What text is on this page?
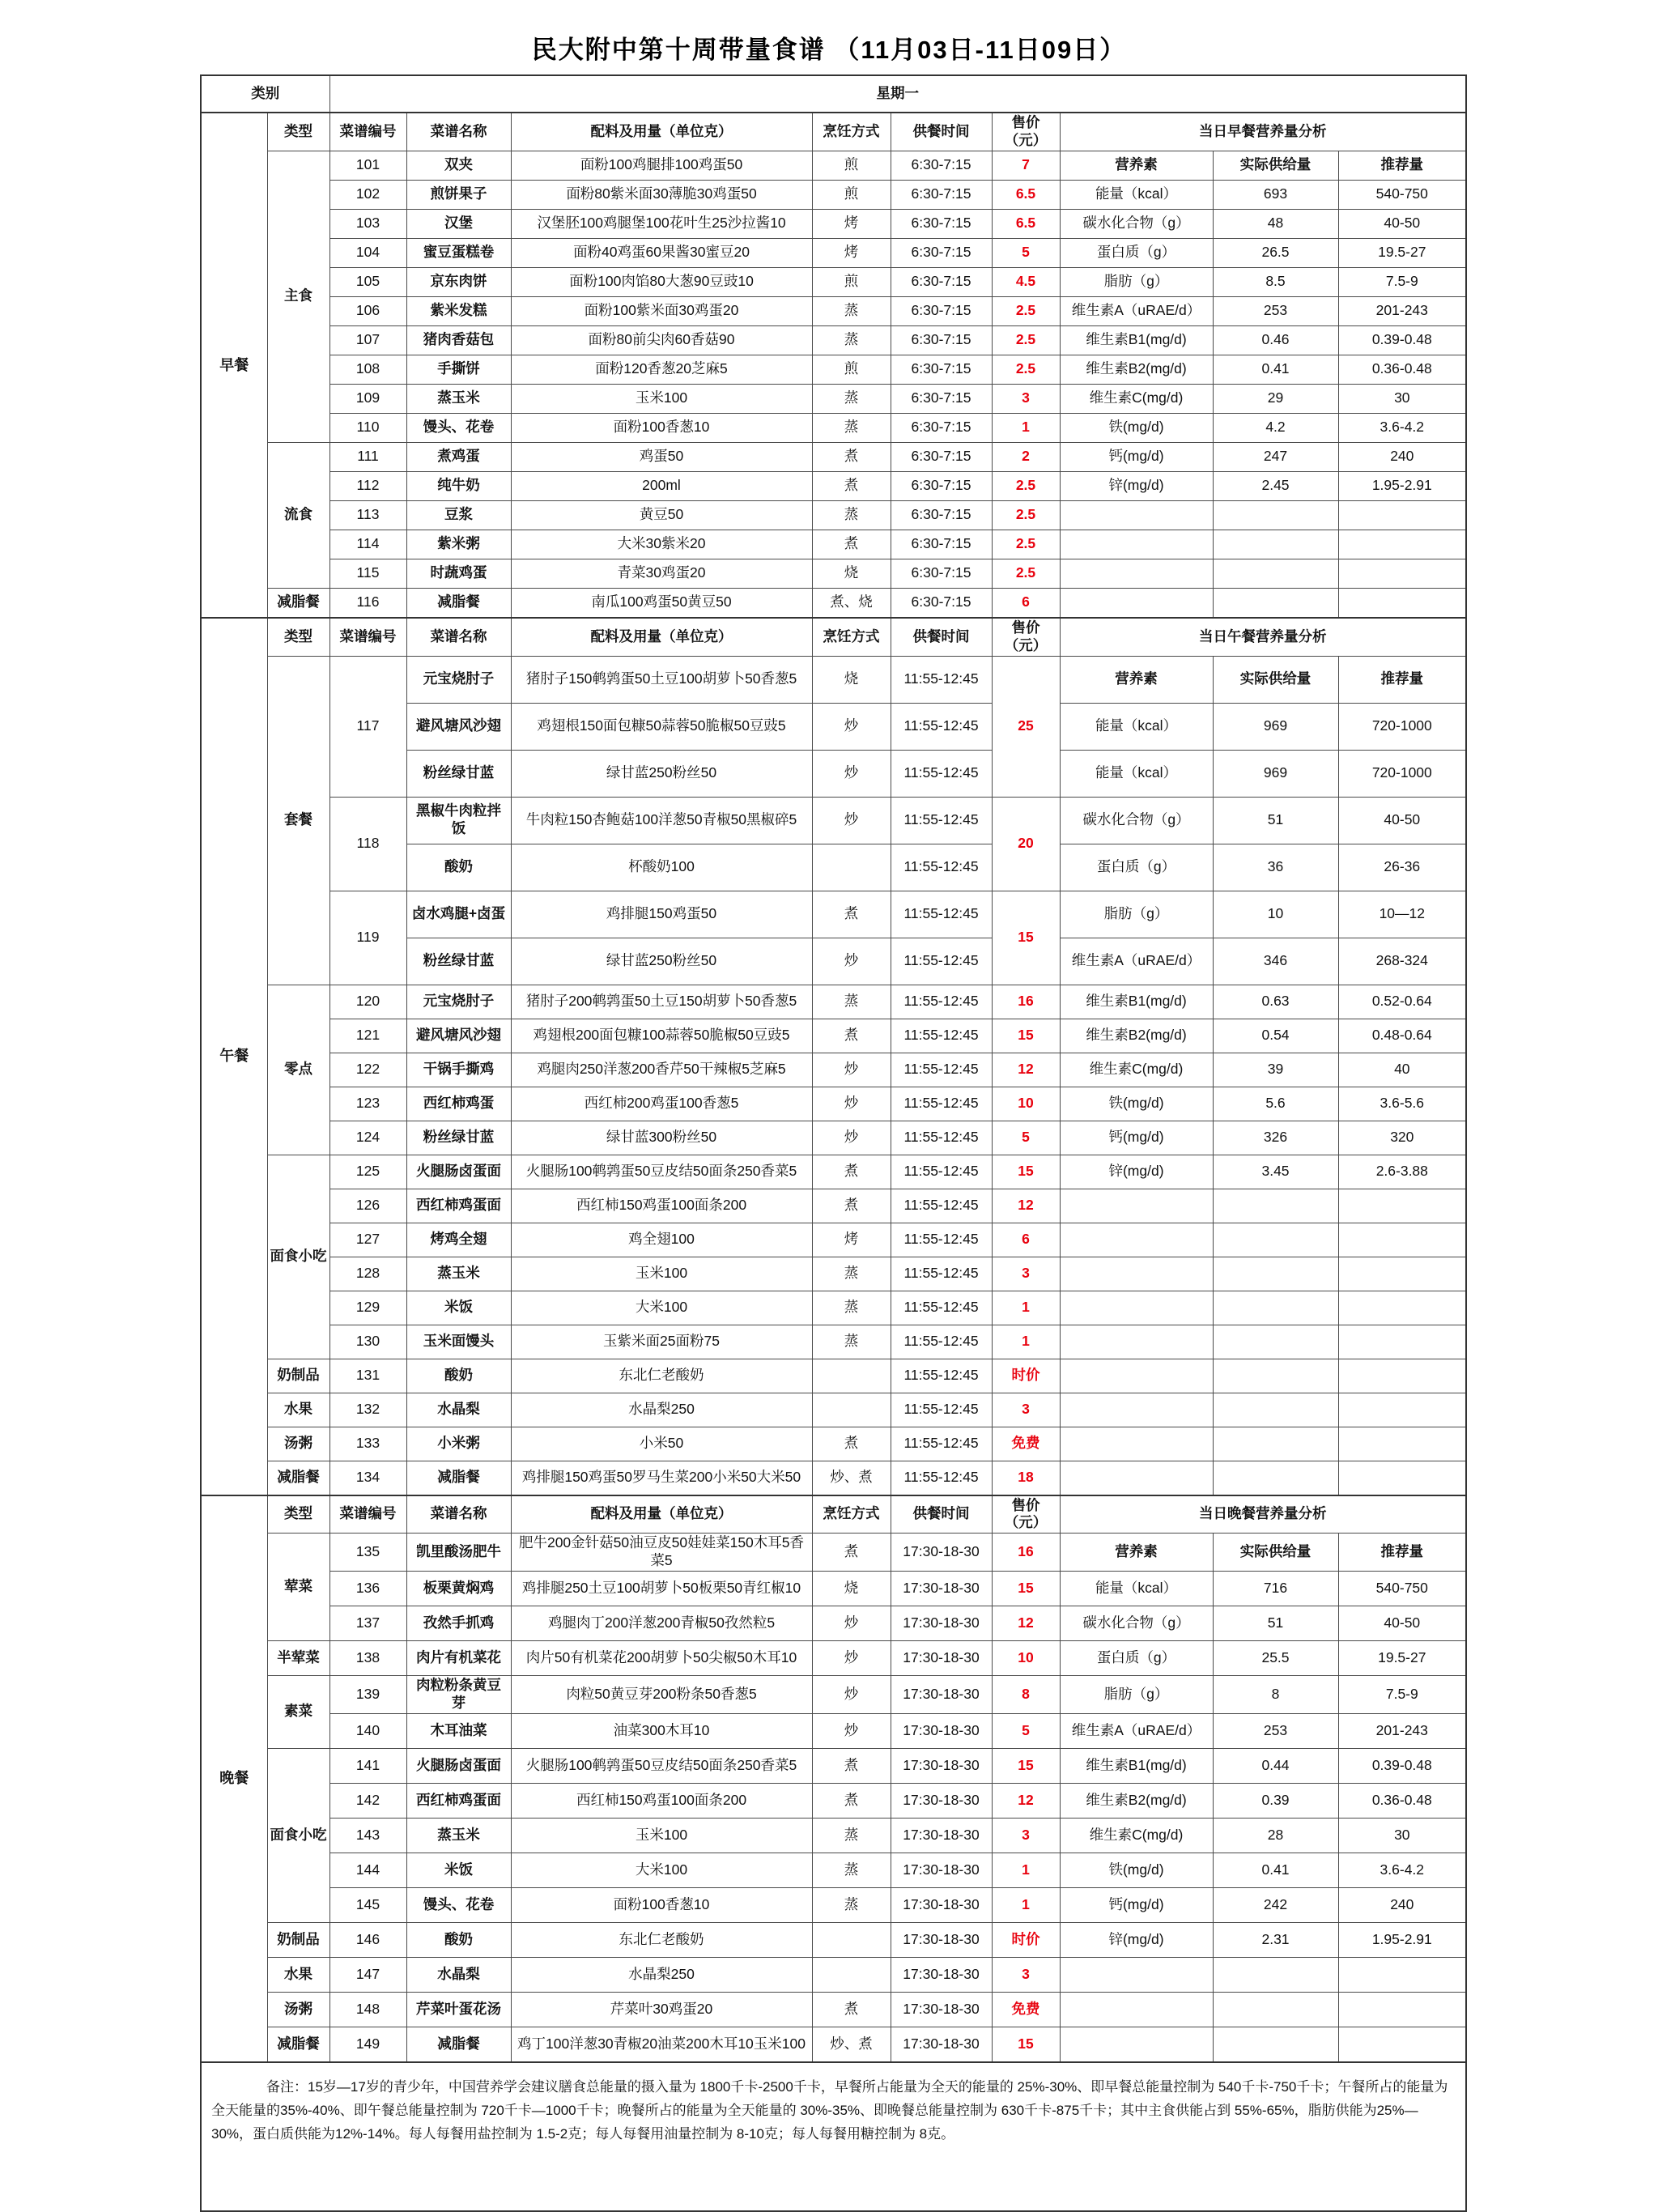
民大附中第十周带量食谱 （11月03日-11日09日）
类别		星期一								
早餐	类型	菜谱编号	菜谱名称	配料及用量（单位克）	烹饪方式	供餐时间	售价（元）	当日早餐营养量分析		
	主食	101	双夹	面粉100鸡腿排100鸡蛋50	煎	6:30-7:15	7	营养素	实际供给量	推荐量
		102	煎饼果子	面粉80紫米面30薄脆30鸡蛋50	煎	6:30-7:15	6.5	能量（kcal）	693	540-750
		103	汉堡	汉堡胚100鸡腿堡100花叶生25沙拉酱10	烤	6:30-7:15	6.5	碳水化合物（g）	48	40-50
		104	蜜豆蛋糕卷	面粉40鸡蛋60果酱30蜜豆20	烤	6:30-7:15	5	蛋白质（g）	26.5	19.5-27
		105	京东肉饼	面粉100肉馅80大葱90豆豉10	煎	6:30-7:15	4.5	脂肪（g）	8.5	7.5-9
		106	紫米发糕	面粉100紫米面30鸡蛋20	蒸	6:30-7:15	2.5	维生素A（uRAE/d）	253	201-243
		107	猪肉香菇包	面粉80前尖肉60香菇90	蒸	6:30-7:15	2.5	维生素B1(mg/d)	0.46	0.39-0.48
		108	手撕饼	面粉120香葱20芝麻5	煎	6:30-7:15	2.5	维生素B2(mg/d)	0.41	0.36-0.48
		109	蒸玉米	玉米100	蒸	6:30-7:15	3	维生素C(mg/d)	29	30
		110	馒头、花卷	面粉100香葱10	蒸	6:30-7:15	1	铁(mg/d)	4.2	3.6-4.2
	流食	111	煮鸡蛋	鸡蛋50	煮	6:30-7:15	2	钙(mg/d)	247	240
		112	纯牛奶	200ml	煮	6:30-7:15	2.5	锌(mg/d)	2.45	1.95-2.91
		113	豆浆	黄豆50	蒸	6:30-7:15	2.5			
		114	紫米粥	大米30紫米20	煮	6:30-7:15	2.5			
		115	时蔬鸡蛋	青菜30鸡蛋20	烧	6:30-7:15	2.5			
	减脂餐	116	减脂餐	南瓜100鸡蛋50黄豆50	煮、烧	6:30-7:15	6			
午餐	类型	菜谱编号	菜谱名称	配料及用量（单位克）	烹饪方式	供餐时间	售价（元）	当日午餐营养量分析		
	套餐	117	元宝烧肘子	猪肘子150鹌鹑蛋50土豆100胡萝卜50香葱5	烧	11:55-12:45	25	营养素	实际供给量	推荐量
			避风塘风沙翅	鸡翅根150面包糠50蒜蓉50脆椒50豆豉5	炒	11:55-12:45		能量（kcal）	969	720-1000
			粉丝绿甘蓝	绿甘蓝250粉丝50	炒	11:55-12:45		能量（kcal）	969	720-1000
		118	黑椒牛肉粒拌饭	牛肉粒150杏鲍菇100洋葱50青椒50黑椒碎5	炒	11:55-12:45	20	碳水化合物（g）	51	40-50
			酸奶	杯酸奶100		11:55-12:45		蛋白质（g）	36	26-36
		119	卤水鸡腿+卤蛋	鸡排腿150鸡蛋50	煮	11:55-12:45	15	脂肪（g）	10	10—12
			粉丝绿甘蓝	绿甘蓝250粉丝50	炒	11:55-12:45		维生素A（uRAE/d）	346	268-324
	零点	120	元宝烧肘子	猪肘子200鹌鹑蛋50土豆150胡萝卜50香葱5	蒸	11:55-12:45	16	维生素B1(mg/d)	0.63	0.52-0.64
		121	避风塘风沙翅	鸡翅根200面包糠100蒜蓉50脆椒50豆豉5	煮	11:55-12:45	15	维生素B2(mg/d)	0.54	0.48-0.64
		122	干锅手撕鸡	鸡腿肉250洋葱200香芹50干辣椒5芝麻5	炒	11:55-12:45	12	维生素C(mg/d)	39	40
		123	西红柿鸡蛋	西红柿200鸡蛋100香葱5	炒	11:55-12:45	10	铁(mg/d)	5.6	3.6-5.6
		124	粉丝绿甘蓝	绿甘蓝300粉丝50	炒	11:55-12:45	5	钙(mg/d)	326	320
	面食小吃	125	火腿肠卤蛋面	火腿肠100鹌鹑蛋50豆皮结50面条250香菜5	煮	11:55-12:45	15	锌(mg/d)	3.45	2.6-3.88
		126	西红柿鸡蛋面	西红柿150鸡蛋100面条200	煮	11:55-12:45	12			
		127	烤鸡全翅	鸡全翅100	烤	11:55-12:45	6			
		128	蒸玉米	玉米100	蒸	11:55-12:45	3			
		129	米饭	大米100	蒸	11:55-12:45	1			
		130	玉米面馒头	玉紫米面25面粉75	蒸	11:55-12:45	1			
	奶制品	131	酸奶	东北仁老酸奶		11:55-12:45	时价			
	水果	132	水晶梨	水晶梨250		11:55-12:45	3			
	汤粥	133	小米粥	小米50	煮	11:55-12:45	免费			
	减脂餐	134	减脂餐	鸡排腿150鸡蛋50罗马生菜200小米50大米50	炒、煮	11:55-12:45	18			
晚餐	类型	菜谱编号	菜谱名称	配料及用量（单位克）	烹饪方式	供餐时间	售价（元）	当日晚餐营养量分析		
	荤菜	135	凯里酸汤肥牛	肥牛200金针菇50油豆皮50娃娃菜150木耳5香菜5	煮	17:30-18-30	16	营养素	实际供给量	推荐量
		136	板栗黄焖鸡	鸡排腿250土豆100胡萝卜50板栗50青红椒10	烧	17:30-18-30	15	能量（kcal）	716	540-750
		137	孜然手抓鸡	鸡腿肉丁200洋葱200青椒50孜然粒5	炒	17:30-18-30	12	碳水化合物（g）	51	40-50
	半荤菜	138	肉片有机菜花	肉片50有机菜花200胡萝卜50尖椒50木耳10	炒	17:30-18-30	10	蛋白质（g）	25.5	19.5-27
	素菜	139	肉粒粉条黄豆芽	肉粒50黄豆芽200粉条50香葱5	炒	17:30-18-30	8	脂肪（g）	8	7.5-9
		140	木耳油菜	油菜300木耳10	炒	17:30-18-30	5	维生素A（uRAE/d）	253	201-243
	面食小吃	141	火腿肠卤蛋面	火腿肠100鹌鹑蛋50豆皮结50面条250香菜5	煮	17:30-18-30	15	维生素B1(mg/d)	0.44	0.39-0.48
		142	西红柿鸡蛋面	西红柿150鸡蛋100面条200	煮	17:30-18-30	12	维生素B2(mg/d)	0.39	0.36-0.48
		143	蒸玉米	玉米100	蒸	17:30-18-30	3	维生素C(mg/d)	28	30
		144	米饭	大米100	蒸	17:30-18-30	1	铁(mg/d)	0.41	3.6-4.2
		145	馒头、花卷	面粉100香葱10	蒸	17:30-18-30	1	钙(mg/d)	242	240
	奶制品	146	酸奶	东北仁老酸奶		17:30-18-30	时价	锌(mg/d)	2.31	1.95-2.91
	水果	147	水晶梨	水晶梨250		17:30-18-30	3			
	汤粥	148	芹菜叶蛋花汤	芹菜叶30鸡蛋20	煮	17:30-18-30	免费			
	减脂餐	149	减脂餐	鸡丁100洋葱30青椒20油菜200木耳10玉米100	炒、煮	17:30-18-30	15			
备注：15岁—17岁的青少年，中国营养学会建议膳食总能量的摄入量为 1800千卡-2500千卡，早餐所占能量为全天的能量的 25%-30%、即早餐总能量控制为 540千卡-750千卡；午餐所占的能量为全天能量的35%-40%、即午餐总能量控制为 720千卡—1000千卡；晚餐所占的能量为全天能量的 30%-35%、即晚餐总能量控制为 630千卡-875千卡；其中主食供能占到 55%-65%，脂肪供能为25%—30%，蛋白质供能为12%-14%。每人每餐用盐控制为 1.5-2克；每人每餐用油量控制为 8-10克；每人每餐用糖控制为 8克。										
